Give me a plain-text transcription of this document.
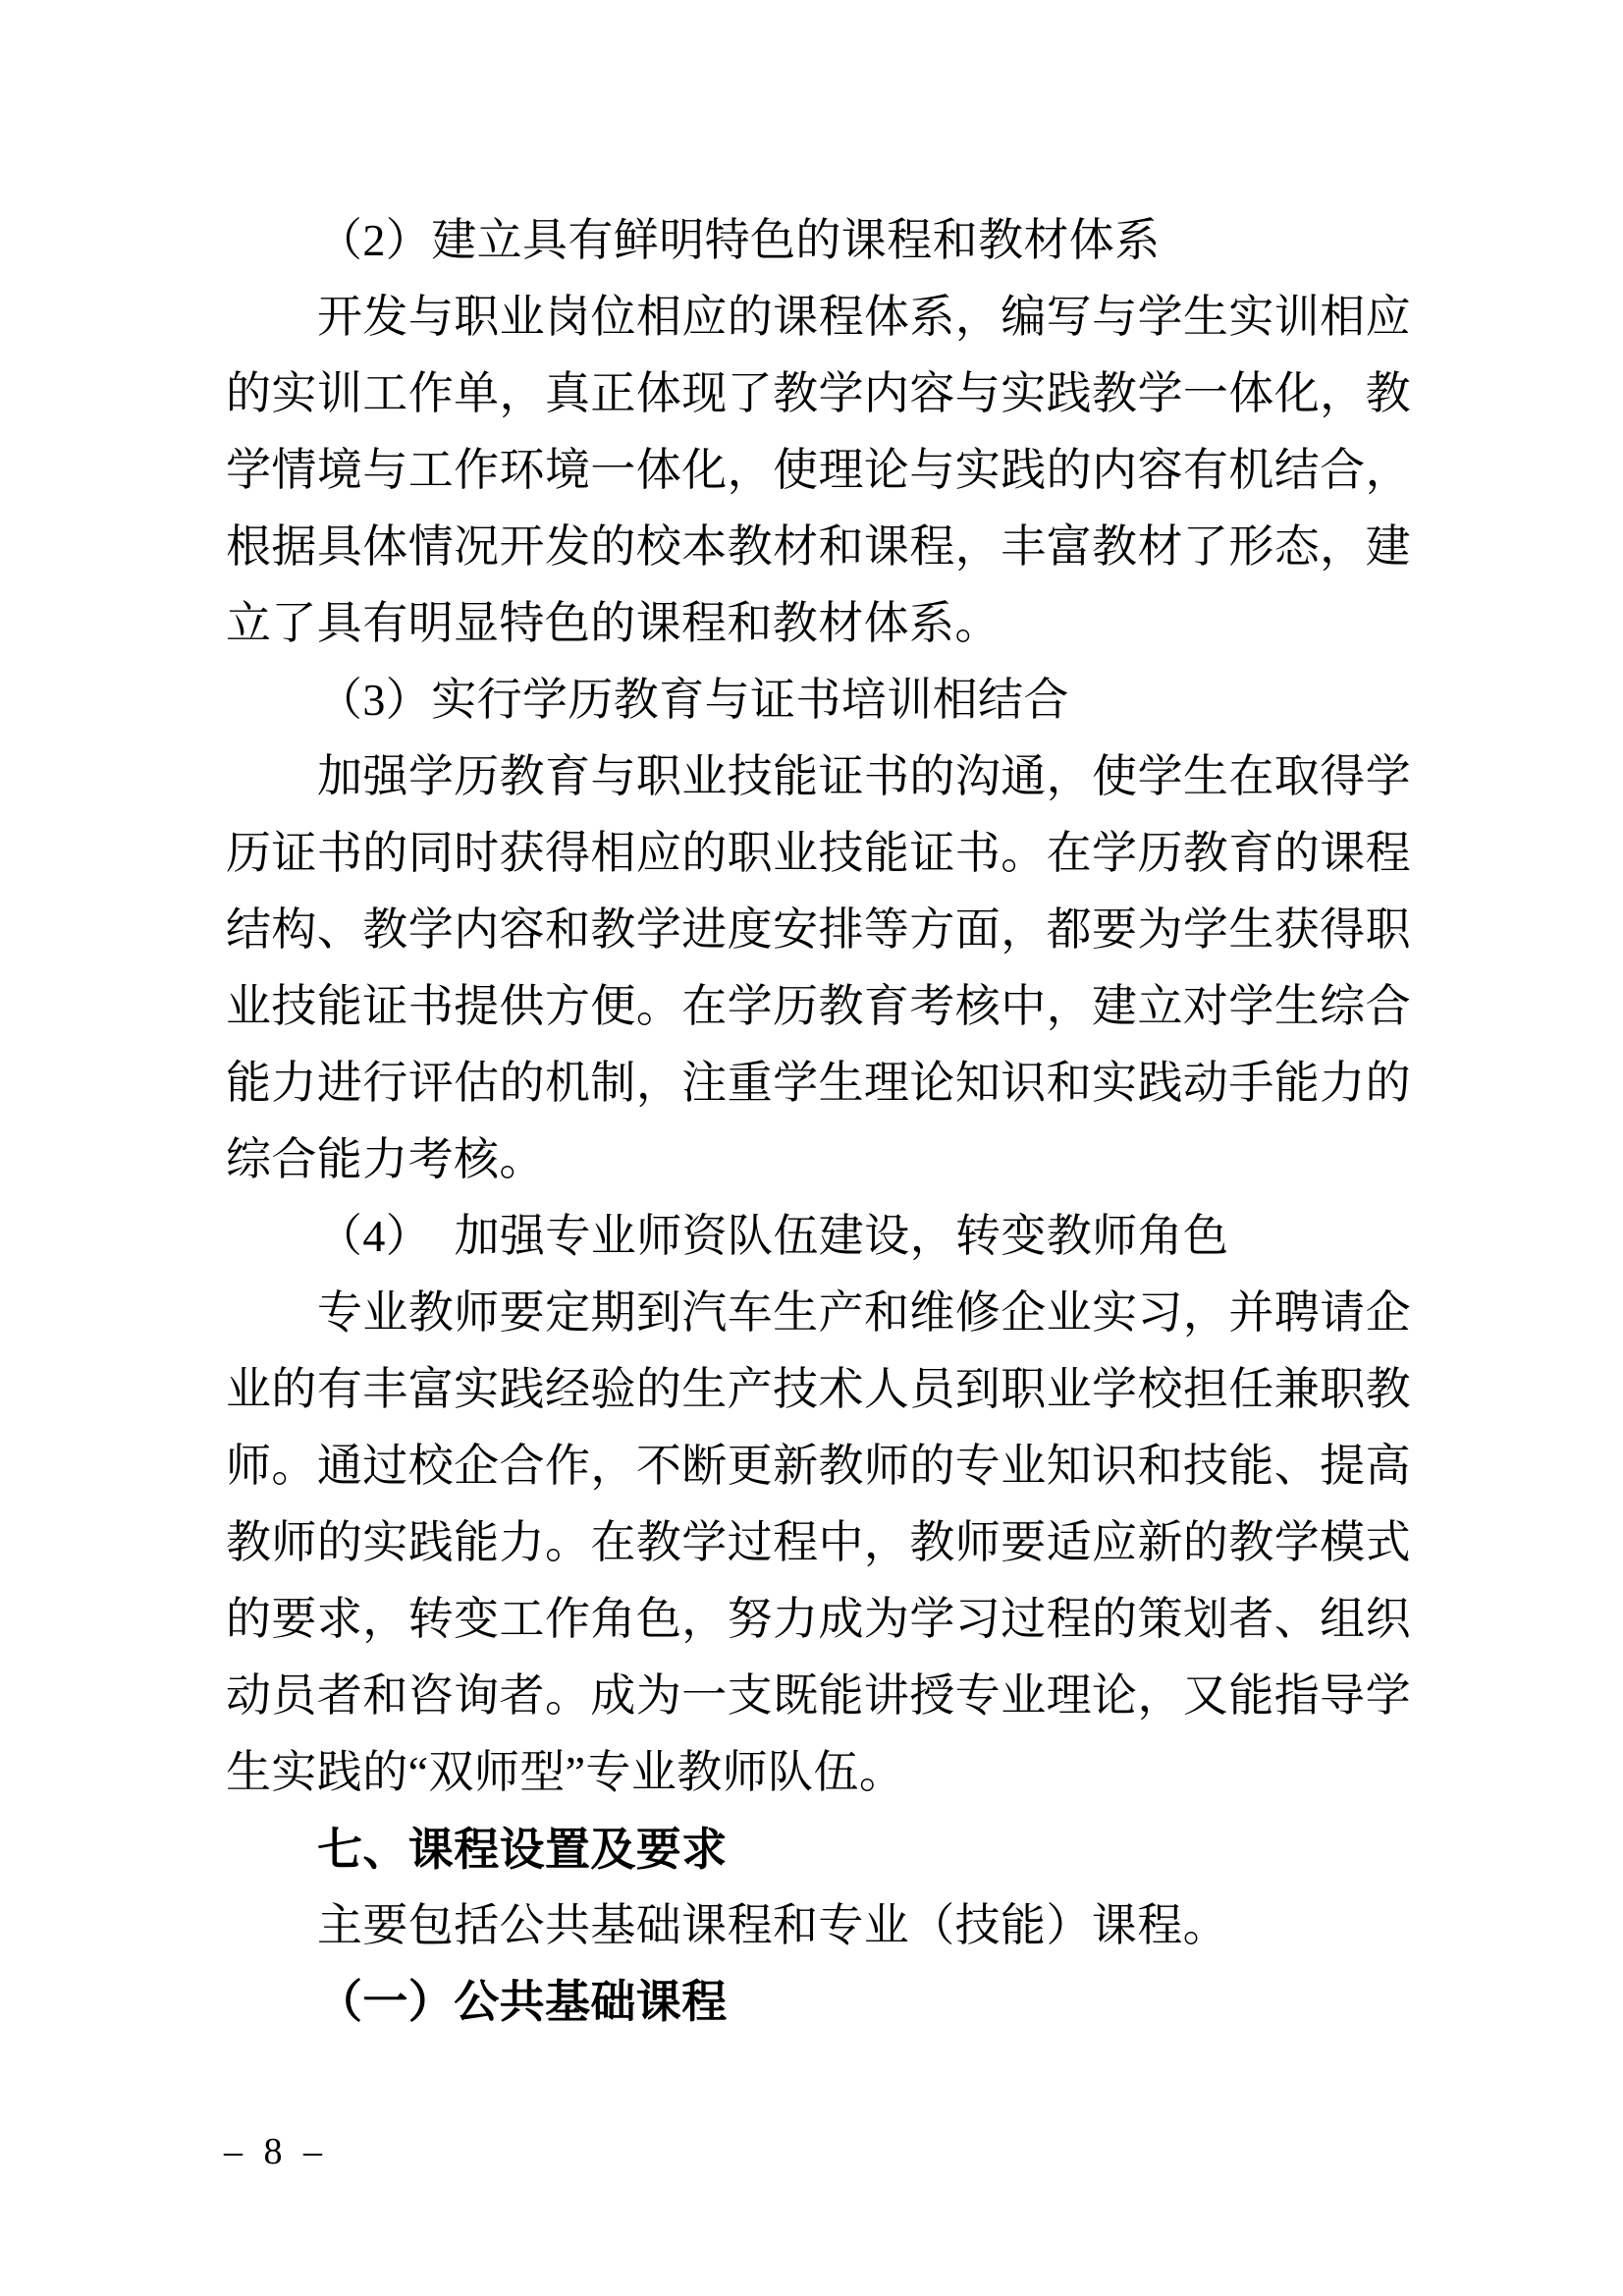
（2）建立具有鲜明特色的课程和教材体系
开发与职业岗位相应的课程体系，编写与学生实训相应
的实训工作单，真正体现了教学内容与实践教学一体化，教
学情境与工作环境一体化，使理论与实践的内容有机结合，
根据具体情况开发的校本教材和课程，丰富教材了形态，建
立了具有明显特色的课程和教材体系。
（3）实行学历教育与证书培训相结合
加强学历教育与职业技能证书的沟通，使学生在取得学
历证书的同时获得相应的职业技能证书。在学历教育的课程
结构、教学内容和教学进度安排等方面，都要为学生获得职
业技能证书提供方便。在学历教育考核中，建立对学生综合
能力进行评估的机制，注重学生理论知识和实践动手能力的
综合能力考核。
（4）　加强专业师资队伍建设，转变教师角色
专业教师要定期到汽车生产和维修企业实习，并聘请企
业的有丰富实践经验的生产技术人员到职业学校担任兼职教
师。通过校企合作，不断更新教师的专业知识和技能、提高
教师的实践能力。在教学过程中，教师要适应新的教学模式
的要求，转变工作角色，努力成为学习过程的策划者、组织
动员者和咨询者。成为一支既能讲授专业理论，又能指导学
生实践的“双师型”专业教师队伍。
七、课程设置及要求
主要包括公共基础课程和专业（技能）课程。
（一）公共基础课程
– 8 –
